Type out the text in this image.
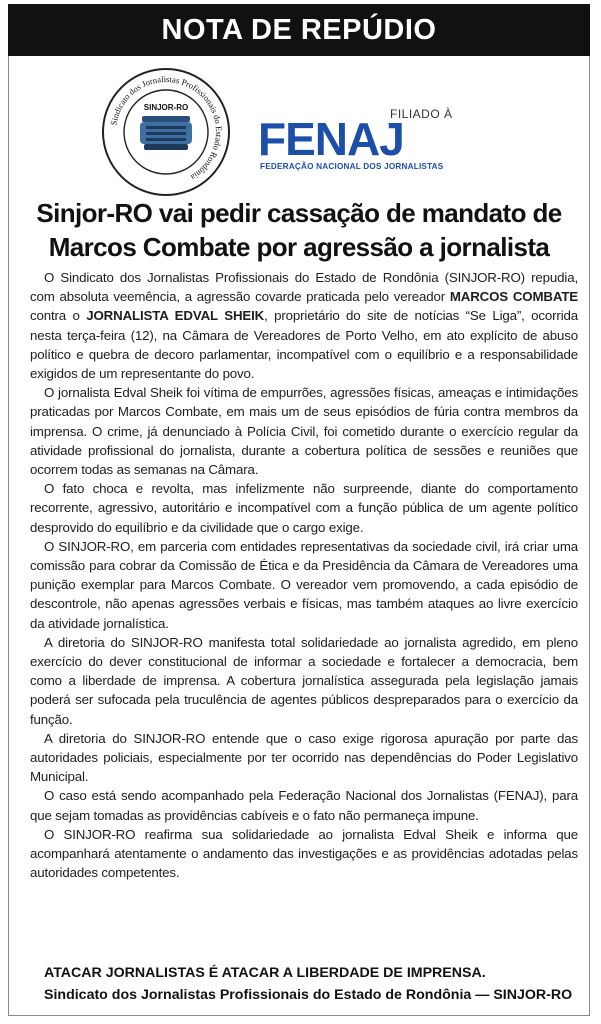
NOTA DE REPÚDIO
Sindicato dos Jornalistas Profissionais do Estado Rondônia
SINJOR-RO	FILIADO À
FENAJ
FEDERAÇÃO NACIONAL DOS JORNALISTAS
Sinjor-RO vai pedir cassação de mandato de
Marcos Combate por agressão a jornalista

O Sindicato dos Jornalistas Profissionais do Estado de Rondônia (SINJOR-RO) repudia, com absoluta veemência, a agressão covarde praticada pelo vereador MARCOS COMBATE contra o JORNALISTA EDVAL SHEIK, proprietário do site de notícias “Se Liga”, ocorrida nesta terça-feira (12), na Câmara de Vereadores de Porto Velho, em ato explícito de abuso político e quebra de decoro parlamentar, incompatível com o equilíbrio e a responsabilidade exigidos de um representante do povo.

O jornalista Edval Sheik foi vítima de empurrões, agressões físicas, ameaças e intimidações praticadas por Marcos Combate, em mais um de seus episódios de fúria contra membros da imprensa. O crime, já denunciado à Polícia Civil, foi cometido durante o exercício regular da atividade profissional do jornalista, durante a cobertura política de sessões e reuniões que ocorrem todas as semanas na Câmara.

O fato choca e revolta, mas infelizmente não surpreende, diante do comportamento recorrente, agressivo, autoritário e incompatível com a função pública de um agente político desprovido do equilíbrio e da civilidade que o cargo exige.

O SINJOR-RO, em parceria com entidades representativas da sociedade civil, irá criar uma comissão para cobrar da Comissão de Ética e da Presidência da Câmara de Vereadores uma punição exemplar para Marcos Combate. O vereador vem promovendo, a cada episódio de descontrole, não apenas agressões verbais e físicas, mas também ataques ao livre exercício da atividade jornalística.

A diretoria do SINJOR-RO manifesta total solidariedade ao jornalista agredido, em pleno exercício do dever constitucional de informar a sociedade e fortalecer a democracia, bem como a liberdade de imprensa. A cobertura jornalística assegurada pela legislação jamais poderá ser sufocada pela truculência de agentes públicos despreparados para o exercício da função.

A diretoria do SINJOR-RO entende que o caso exige rigorosa apuração por parte das autoridades policiais, especialmente por ter ocorrido nas dependências do Poder Legislativo Municipal.

O caso está sendo acompanhado pela Federação Nacional dos Jornalistas (FENAJ), para que sejam tomadas as providências cabíveis e o fato não permaneça impune.

O SINJOR-RO reafirma sua solidariedade ao jornalista Edval Sheik e informa que acompanhará atentamente o andamento das investigações e as providências adotadas pelas autoridades competentes.

ATACAR JORNALISTAS É ATACAR A LIBERDADE DE IMPRENSA.
Sindicato dos Jornalistas Profissionais do Estado de Rondônia — SINJOR-RO
